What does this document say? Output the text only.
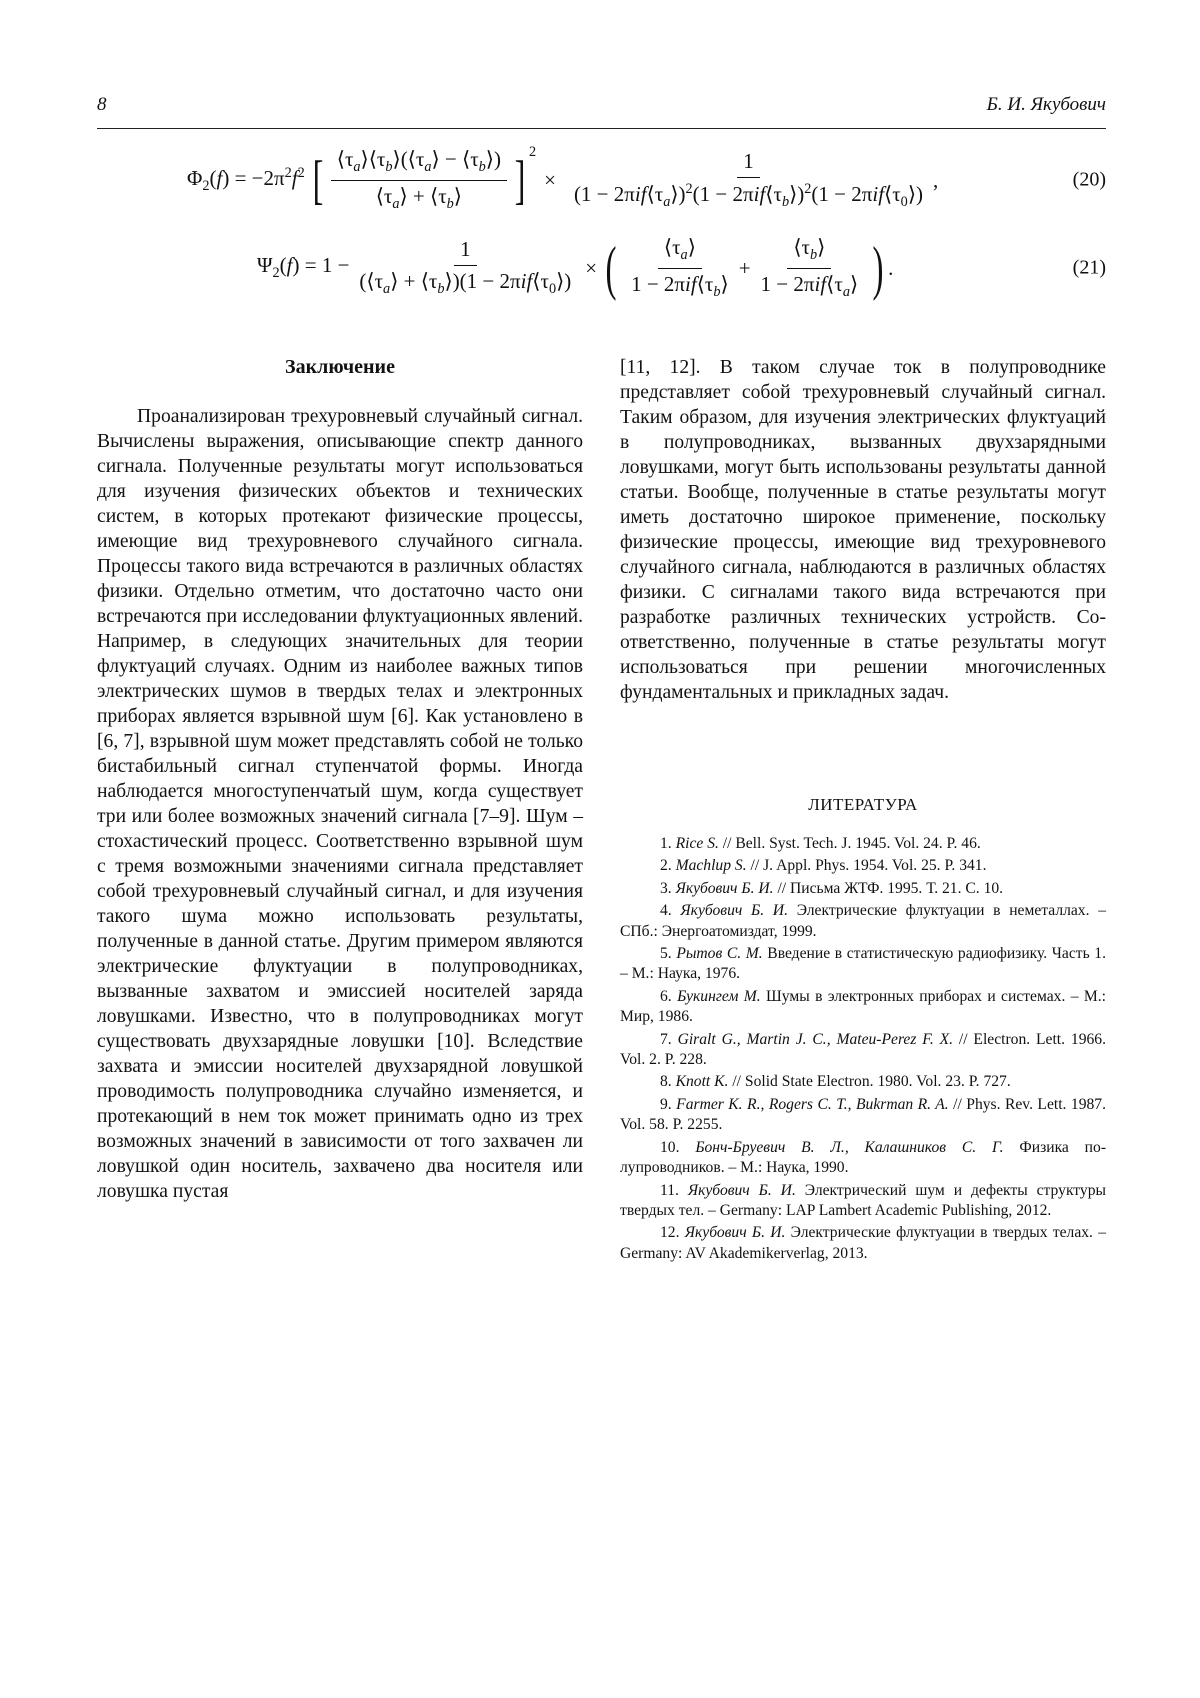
8	Б. И. Якубович
$\Phi_2(f) = -2\pi^2f^2$ [ $\frac{⟨\tau_a⟩⟨\tau_b⟩(⟨\tau_a⟩ - ⟨\tau_b⟩)}{⟨\tau_a⟩ + ⟨\tau_b⟩}$ ] $^2$
× $\frac{1}{(1 - 2\pi if⟨\tau_a⟩)^2(1 - 2\pi if⟨\tau_b⟩)^2(1 - 2\pi if⟨\tau_0⟩)}$ ,	(20)
$\Psi_2(f) = 1 - \frac{1}{(⟨\tau_a⟩ + ⟨\tau_b⟩)(1 - 2\pi if⟨\tau_0⟩)}$ × ( $\frac{⟨\tau_a⟩}{1 - 2\pi if⟨\tau_b⟩} + \frac{⟨\tau_b⟩}{1 - 2\pi if⟨\tau_a⟩}$ ) .	(21)
Заключение

Проанализирован трехуровневый случайный сигнал. Вычислены выражения, описывающие спектр данного сигнала. Полученные результаты могут использоваться для изучения физических объектов и технических систем, в которых протекают физические процессы, имеющие вид трехуровневого случайного сигнала. Процессы такого вида встречаются в различных областях физики. Отдельно отметим, что достаточно часто они встречаются при исследовании флуктуационных явлений. Например, в следующих значительных для теории флуктуаций случаях. Одним из наиболее важных типов электрических шумов в твердых телах и электронных приборах является взрывной шум [6]. Как установлено в [6, 7], взрывной шум может представлять собой не только бистабильный сигнал ступенчатой формы. Иногда наблюдается многоступенчатый шум, когда существует три или более возможных значений сигнала [7–9]. Шум – стохастический процесс. Соответственно взрывной шум с тремя возможными значениями сигнала представляет собой трехуровневый случайный сигнал, и для изучения такого шума можно использовать результаты, полученные в данной статье. Другим примером являются электрические флуктуации в полупроводниках, вызванные захватом и эмиссией носителей заряда ловушками. Известно, что в полупроводниках могут существовать двухзарядные ловушки [10]. Вследствие захвата и эмиссии носителей двухзарядной ловушкой проводимость полупроводника случайно изменяется, и протекающий в нем ток может принимать одно из трех возможных значений в зависимости от того захвачен ли ловушкой один носитель, захвачено два носителя или ловушка пустая

[11, 12]. В таком случае ток в полупроводнике представляет собой трехуровневый случайный сигнал. Таким образом, для изучения электрических флуктуаций в полупроводниках, вызванных двухзарядными ловушками, могут быть использованы результаты данной статьи. Вообще, полученные в статье результаты могут иметь достаточно широкое применение, поскольку физические процессы, имеющие вид трехуровневого случайного сигнала, наблюдаются в различных областях физики. С сигналами такого вида встречаются при разработке различных технических устройств. Соответственно, полученные в статье результаты могут использоваться при решении многочисленных фундаментальных и прикладных задач.

ЛИТЕРАТУРА
1. Rice S. // Bell. Syst. Tech. J. 1945. Vol. 24. P. 46.
2. Machlup S. // J. Appl. Phys. 1954. Vol. 25. P. 341.
3. Якубович Б. И. // Письма ЖТФ. 1995. Т. 21. С. 10.
4. Якубович Б. И. Электрические флуктуации в неметаллах. – СПб.: Энергоатомиздат, 1999.
5. Рытов С. М. Введение в статистическую радиофизику. Часть 1. – М.: Наука, 1976.
6. Букингем М. Шумы в электронных приборах и системах. – М.: Мир, 1986.
7. Giralt G., Martin J. C., Mateu-Perez F. X. // Electron. Lett. 1966. Vol. 2. P. 228.
8. Knott K. // Solid State Electron. 1980. Vol. 23. P. 727.
9. Farmer K. R., Rogers C. T., Bukrman R. A. // Phys. Rev. Lett. 1987. Vol. 58. P. 2255.
10. Бонч-Бруевич В. Л., Калашников С. Г. Физика полупроводников. – М.: Наука, 1990.
11. Якубович Б. И. Электрический шум и дефекты структуры твердых тел. – Germany: LAP Lambert Academic Publishing, 2012.
12. Якубович Б. И. Электрические флуктуации в твердых телах. – Germany: AV Akademikerverlag, 2013.
